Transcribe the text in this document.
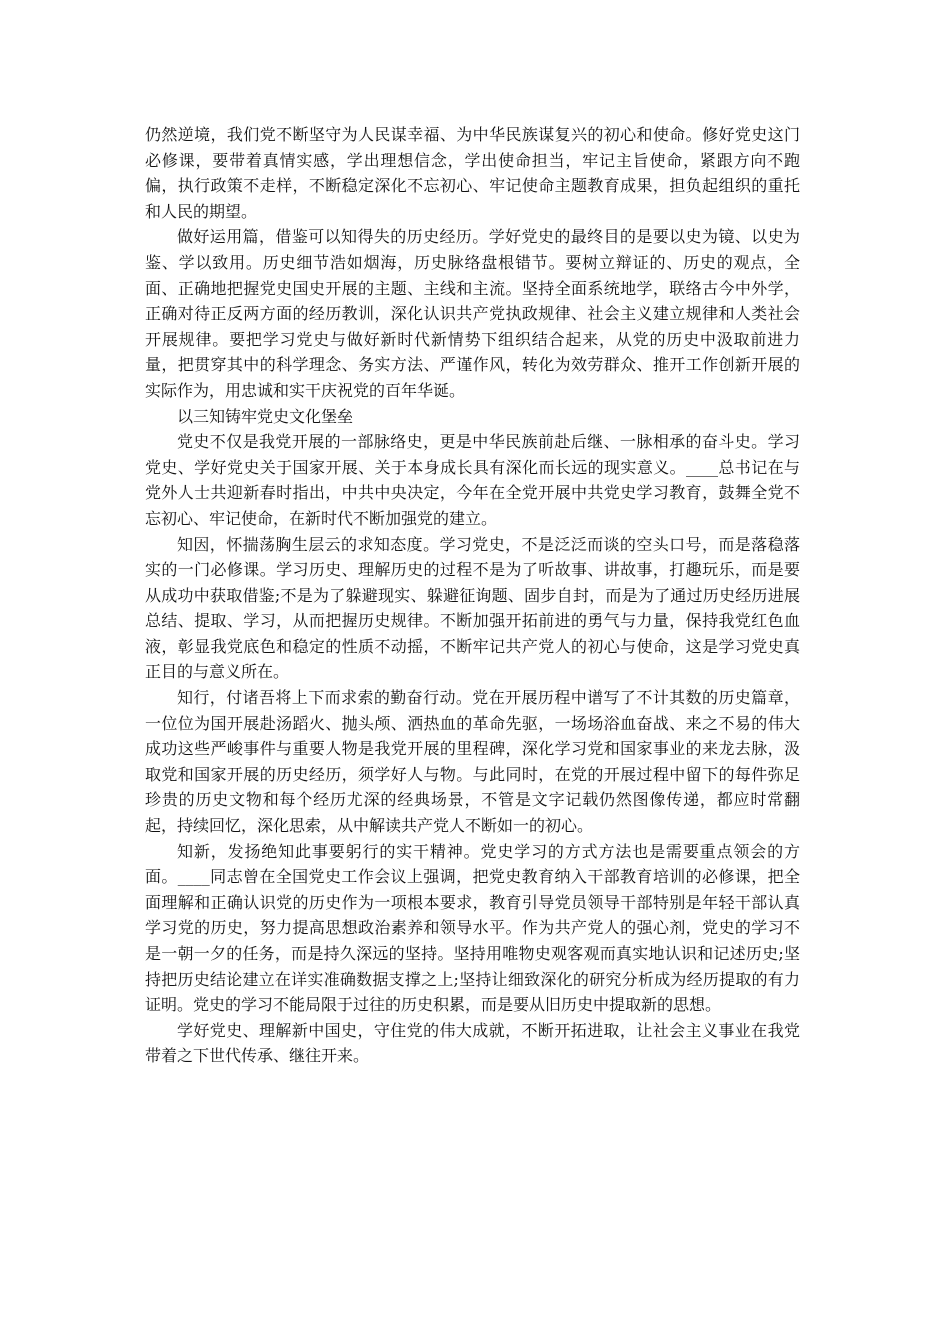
仍然逆境，我们党不断坚守为人民谋幸福、为中华民族谋复兴的初心和使命。修好党史这门必修课，要带着真情实感，学出理想信念，学出使命担当，牢记主旨使命，紧跟方向不跑偏，执行政策不走样，不断稳定深化不忘初心、牢记使命主题教育成果，担负起组织的重托和人民的期望。

做好运用篇，借鉴可以知得失的历史经历。学好党史的最终目的是要以史为镜、以史为鉴、学以致用。历史细节浩如烟海，历史脉络盘根错节。要树立辩证的、历史的观点，全面、正确地把握党史国史开展的主题、主线和主流。坚持全面系统地学，联络古今中外学，正确对待正反两方面的经历教训，深化认识共产党执政规律、社会主义建立规律和人类社会开展规律。要把学习党史与做好新时代新情势下组织结合起来，从党的历史中汲取前进力量，把贯穿其中的科学理念、务实方法、严谨作风，转化为效劳群众、推开工作创新开展的实际作为，用忠诚和实干庆祝党的百年华诞。

以三知铸牢党史文化堡垒

党史不仅是我党开展的一部脉络史，更是中华民族前赴后继、一脉相承的奋斗史。学习党史、学好党史关于国家开展、关于本身成长具有深化而长远的现实意义。____总书记在与党外人士共迎新春时指出，中共中央决定，今年在全党开展中共党史学习教育，鼓舞全党不忘初心、牢记使命，在新时代不断加强党的建立。

知因，怀揣荡胸生层云的求知态度。学习党史，不是泛泛而谈的空头口号，而是落稳落实的一门必修课。学习历史、理解历史的过程不是为了听故事、讲故事，打趣玩乐，而是要从成功中获取借鉴;不是为了躲避现实、躲避征询题、固步自封，而是为了通过历史经历进展总结、提取、学习，从而把握历史规律。不断加强开拓前进的勇气与力量，保持我党红色血液，彰显我党底色和稳定的性质不动摇，不断牢记共产党人的初心与使命，这是学习党史真正目的与意义所在。

知行，付诸吾将上下而求索的勤奋行动。党在开展历程中谱写了不计其数的历史篇章，一位位为国开展赴汤蹈火、抛头颅、洒热血的革命先驱，一场场浴血奋战、来之不易的伟大成功这些严峻事件与重要人物是我党开展的里程碑，深化学习党和国家事业的来龙去脉，汲取党和国家开展的历史经历，须学好人与物。与此同时，在党的开展过程中留下的每件弥足珍贵的历史文物和每个经历尤深的经典场景，不管是文字记载仍然图像传递，都应时常翻起，持续回忆，深化思索，从中解读共产党人不断如一的初心。

知新，发扬绝知此事要躬行的实干精神。党史学习的方式方法也是需要重点领会的方面。____同志曾在全国党史工作会议上强调，把党史教育纳入干部教育培训的必修课，把全面理解和正确认识党的历史作为一项根本要求，教育引导党员领导干部特别是年轻干部认真学习党的历史，努力提高思想政治素养和领导水平。作为共产党人的强心剂，党史的学习不是一朝一夕的任务，而是持久深远的坚持。坚持用唯物史观客观而真实地认识和记述历史;坚持把历史结论建立在详实准确数据支撑之上;坚持让细致深化的研究分析成为经历提取的有力证明。党史的学习不能局限于过往的历史积累，而是要从旧历史中提取新的思想。

学好党史、理解新中国史，守住党的伟大成就，不断开拓进取，让社会主义事业在我党带着之下世代传承、继往开来。
